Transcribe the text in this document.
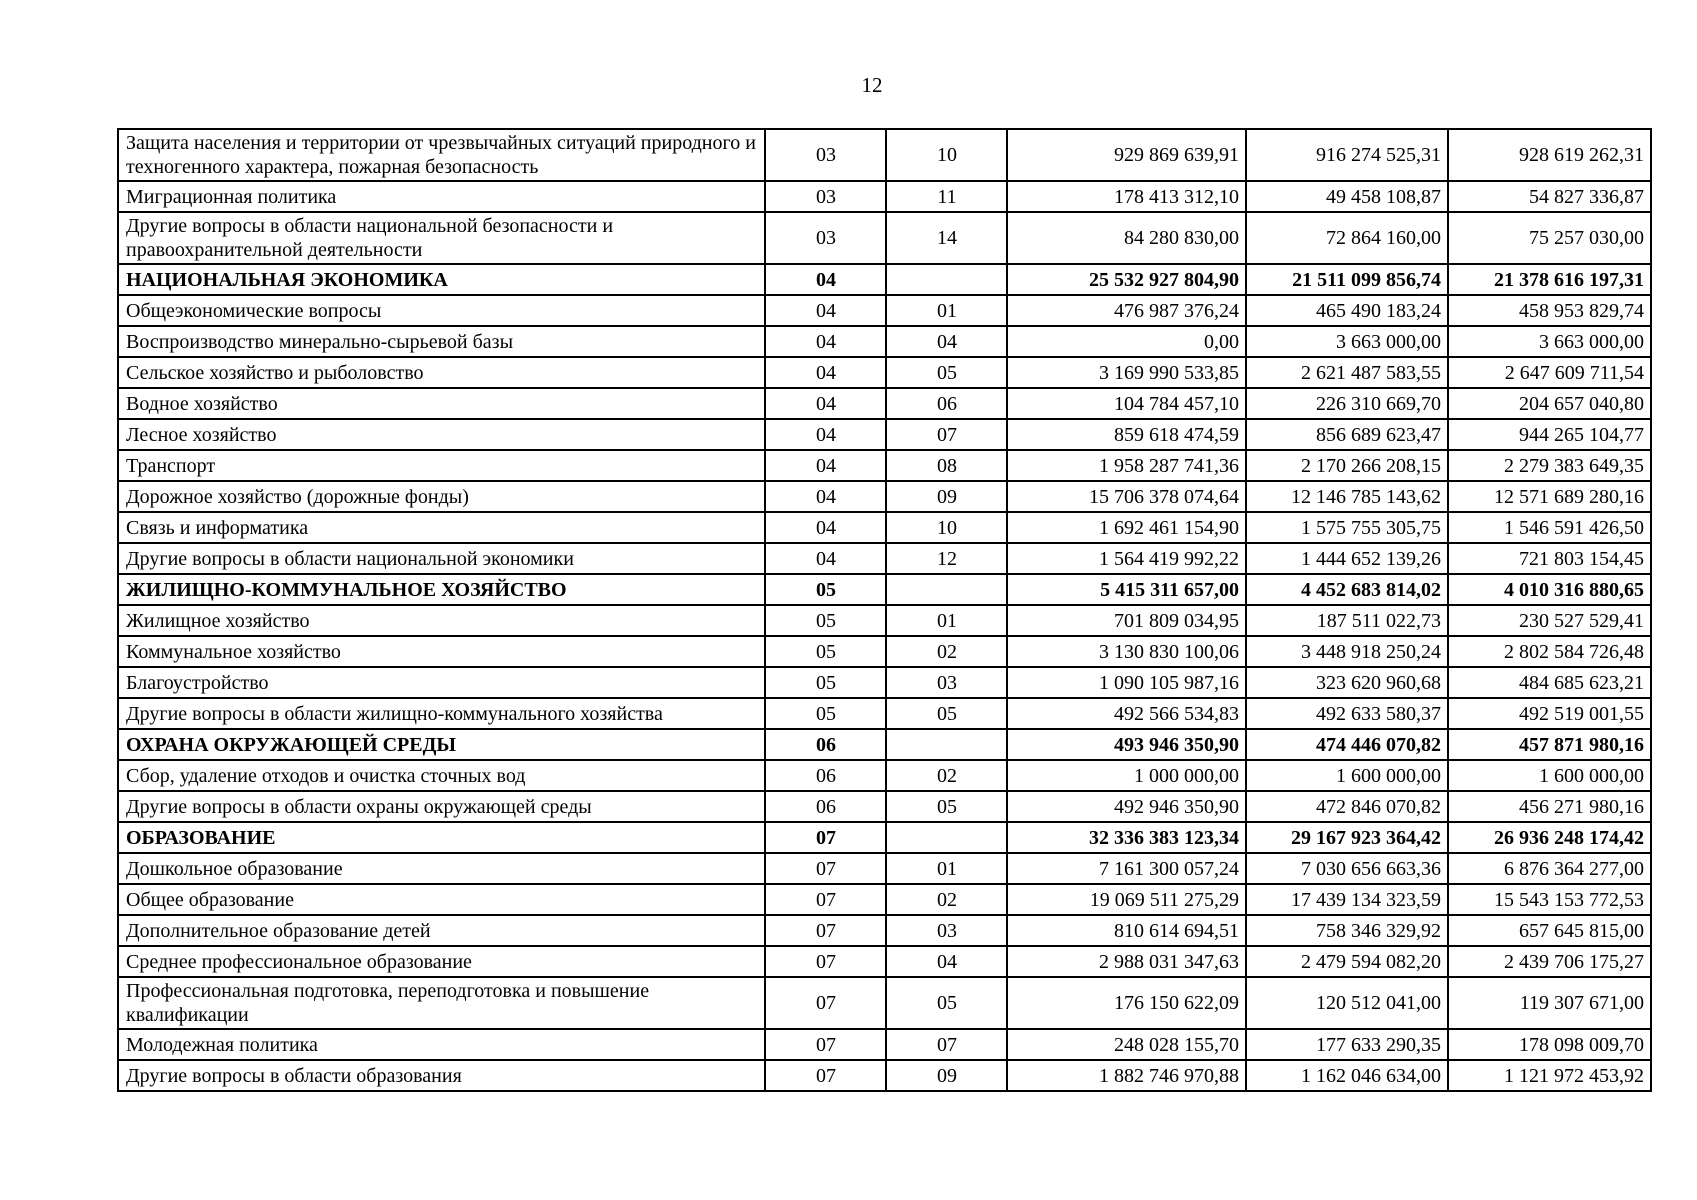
12
Защита населения и территории от чрезвычайных ситуаций природного и техногенного характера, пожарная безопасность	03	10	929 869 639,91	916 274 525,31	928 619 262,31
Миграционная политика	03	11	178 413 312,10	49 458 108,87	54 827 336,87
Другие вопросы в области национальной безопасности и правоохранительной деятельности	03	14	84 280 830,00	72 864 160,00	75 257 030,00
НАЦИОНАЛЬНАЯ ЭКОНОМИКА	04		25 532 927 804,90	21 511 099 856,74	21 378 616 197,31
Общеэкономические вопросы	04	01	476 987 376,24	465 490 183,24	458 953 829,74
Воспроизводство минерально-сырьевой базы	04	04	0,00	3 663 000,00	3 663 000,00
Сельское хозяйство и рыболовство	04	05	3 169 990 533,85	2 621 487 583,55	2 647 609 711,54
Водное хозяйство	04	06	104 784 457,10	226 310 669,70	204 657 040,80
Лесное хозяйство	04	07	859 618 474,59	856 689 623,47	944 265 104,77
Транспорт	04	08	1 958 287 741,36	2 170 266 208,15	2 279 383 649,35
Дорожное хозяйство (дорожные фонды)	04	09	15 706 378 074,64	12 146 785 143,62	12 571 689 280,16
Связь и информатика	04	10	1 692 461 154,90	1 575 755 305,75	1 546 591 426,50
Другие вопросы в области национальной экономики	04	12	1 564 419 992,22	1 444 652 139,26	721 803 154,45
ЖИЛИЩНО-КОММУНАЛЬНОЕ ХОЗЯЙСТВО	05		5 415 311 657,00	4 452 683 814,02	4 010 316 880,65
Жилищное хозяйство	05	01	701 809 034,95	187 511 022,73	230 527 529,41
Коммунальное хозяйство	05	02	3 130 830 100,06	3 448 918 250,24	2 802 584 726,48
Благоустройство	05	03	1 090 105 987,16	323 620 960,68	484 685 623,21
Другие вопросы в области жилищно-коммунального хозяйства	05	05	492 566 534,83	492 633 580,37	492 519 001,55
ОХРАНА ОКРУЖАЮЩЕЙ СРЕДЫ	06		493 946 350,90	474 446 070,82	457 871 980,16
Сбор, удаление отходов и очистка сточных вод	06	02	1 000 000,00	1 600 000,00	1 600 000,00
Другие вопросы в области охраны окружающей среды	06	05	492 946 350,90	472 846 070,82	456 271 980,16
ОБРАЗОВАНИЕ	07		32 336 383 123,34	29 167 923 364,42	26 936 248 174,42
Дошкольное образование	07	01	7 161 300 057,24	7 030 656 663,36	6 876 364 277,00
Общее образование	07	02	19 069 511 275,29	17 439 134 323,59	15 543 153 772,53
Дополнительное образование детей	07	03	810 614 694,51	758 346 329,92	657 645 815,00
Среднее профессиональное образование	07	04	2 988 031 347,63	2 479 594 082,20	2 439 706 175,27
Профессиональная подготовка, переподготовка и повышение квалификации	07	05	176 150 622,09	120 512 041,00	119 307 671,00
Молодежная политика	07	07	248 028 155,70	177 633 290,35	178 098 009,70
Другие вопросы в области образования	07	09	1 882 746 970,88	1 162 046 634,00	1 121 972 453,92
